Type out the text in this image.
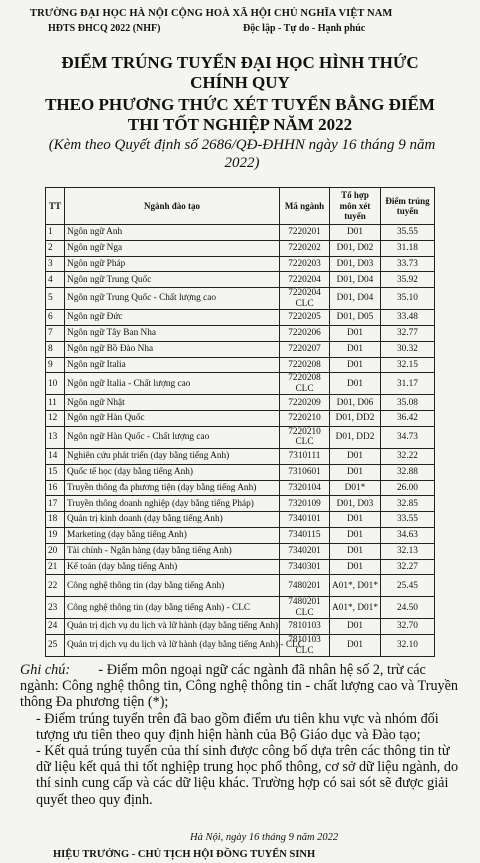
TRƯỜNG ĐẠI HỌC HÀ NỘI CỘNG HOÀ XÃ HỘI CHỦ NGHĨA VIỆT NAM
HĐTS ĐHCQ 2022 (NHF)	Độc lập - Tự do - Hạnh phúc
ĐIỂM TRÚNG TUYỂN ĐẠI HỌC HÌNH THỨC
CHÍNH QUY
THEO PHƯƠNG THỨC XÉT TUYỂN BẰNG ĐIỂM
THI TỐT NGHIỆP NĂM 2022
(Kèm theo Quyết định số 2686/QĐ-ĐHHN ngày 16 tháng 9 năm 2022)
TT	Ngành đào tạo	Mã ngành	Tổ hợp môn xét tuyển	Điểm trúng tuyển
1	Ngôn ngữ Anh	7220201	D01	35.55
2	Ngôn ngữ Nga	7220202	D01, D02	31.18
3	Ngôn ngữ Pháp	7220203	D01, D03	33.73
4	Ngôn ngữ Trung Quốc	7220204	D01, D04	35.92
5	Ngôn ngữ Trung Quốc - Chất lượng cao	7220204 CLC	D01, D04	35.10
6	Ngôn ngữ Đức	7220205	D01, D05	33.48
7	Ngôn ngữ Tây Ban Nha	7220206	D01	32.77
8	Ngôn ngữ Bồ Đào Nha	7220207	D01	30.32
9	Ngôn ngữ Italia	7220208	D01	32.15
10	Ngôn ngữ Italia - Chất lượng cao	7220208 CLC	D01	31.17
11	Ngôn ngữ Nhật	7220209	D01, D06	35.08
12	Ngôn ngữ Hàn Quốc	7220210	D01, DD2	36.42
13	Ngôn ngữ Hàn Quốc - Chất lượng cao	7220210 CLC	D01, DD2	34.73
14	Nghiên cứu phát triển (dạy bằng tiếng Anh)	7310111	D01	32.22
15	Quốc tế học (dạy bằng tiếng Anh)	7310601	D01	32.88
16	Truyền thông đa phương tiện (dạy bằng tiếng Anh)	7320104	D01*	26.00
17	Truyền thông doanh nghiệp (dạy bằng tiếng Pháp)	7320109	D01, D03	32.85
18	Quản trị kinh doanh (dạy bằng tiếng Anh)	7340101	D01	33.55
19	Marketing (dạy bằng tiếng Anh)	7340115	D01	34.63
20	Tài chính - Ngân hàng (dạy bằng tiếng Anh)	7340201	D01	32.13
21	Kế toán (dạy bằng tiếng Anh)	7340301	D01	32.27
22	Công nghệ thông tin (dạy bằng tiếng Anh)	7480201	A01*, D01*	25.45
23	Công nghệ thông tin (dạy bằng tiếng Anh) - CLC	7480201 CLC	A01*, D01*	24.50
24	Quản trị dịch vụ du lịch và lữ hành (dạy bằng tiếng Anh)	7810103	D01	32.70
25	Quản trị dịch vụ du lịch và lữ hành (dạy bằng tiếng Anh) - CLC	7810103 CLC	D01	32.10

Ghi chú: - Điểm môn ngoại ngữ các ngành đã nhân hệ số 2, trừ các ngành: Công nghệ thông tin, Công nghệ thông tin - chất lượng cao và Truyền thông Đa phương tiện (*);

- Điểm trúng tuyển trên đã bao gồm điểm ưu tiên khu vực và nhóm đối tượng ưu tiên theo quy định hiện hành của Bộ Giáo dục và Đào tạo;

- Kết quả trúng tuyển của thí sinh được công bố dựa trên các thông tin từ dữ liệu kết quả thi tốt nghiệp trung học phổ thông, cơ sở dữ liệu ngành, do thí sinh cung cấp và các dữ liệu khác. Trường hợp có sai sót sẽ được giải quyết theo quy định.

Hà Nội, ngày 16 tháng 9 năm 2022
HIỆU TRƯỞNG - CHỦ TỊCH HỘI ĐỒNG TUYỂN SINH
